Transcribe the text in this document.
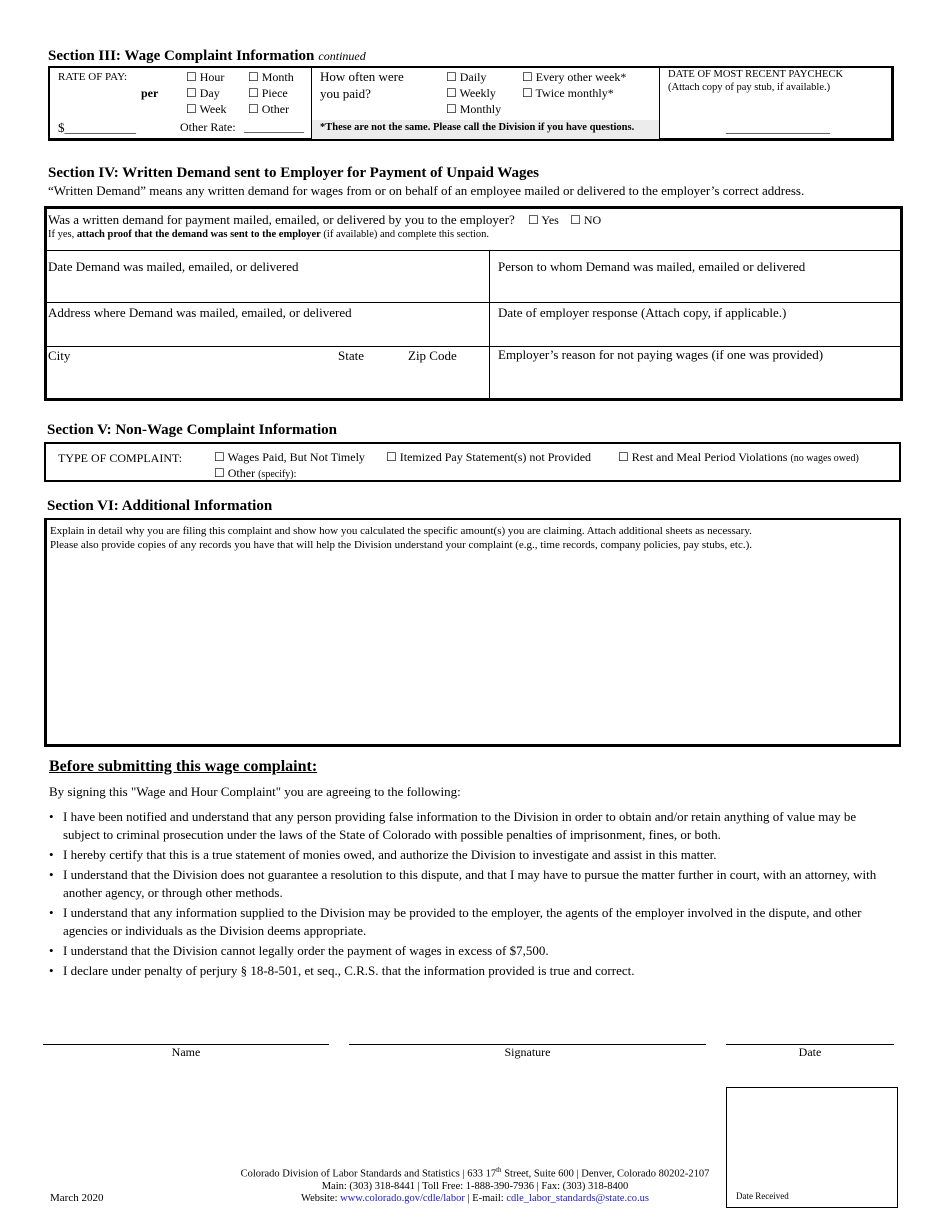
Section III: Wage Complaint Information continued
RATE OF PAY:
per
☐ Hour ☐ Month
☐ Day ☐ Piece
☐ Week ☐ Other
$___________	Other Rate: __________
How often were
you paid?
☐ Daily	☐ Every other week*
☐ Weekly ☐ Twice monthly*
☐ Monthly
*These are not the same. Please call the Division if you have questions.
DATE OF MOST RECENT PAYCHECK
(Attach copy of pay stub, if available.)
________________
Section IV: Written Demand sent to Employer for Payment of Unpaid Wages
“Written Demand” means any written demand for wages from or on behalf of an employee mailed or delivered to the employer’s correct address.
Was a written demand for payment mailed, emailed, or delivered by you to the employer? ☐ Yes ☐ NO
If yes, attach proof that the demand was sent to the employer (if available) and complete this section.
Date Demand was mailed, emailed, or delivered	Person to whom Demand was mailed, emailed or delivered
Address where Demand was mailed, emailed, or delivered	Date of employer response (Attach copy, if applicable.)
City	State	Zip Code	Employer’s reason for not paying wages (if one was provided)
Section V: Non-Wage Complaint Information
TYPE OF COMPLAINT:	☐ Wages Paid, But Not Timely ☐ Itemized Pay Statement(s) not Provided ☐ Rest and Meal Period Violations (no wages owed)
☐ Other (specify):
Section VI: Additional Information
Explain in detail why you are filing this complaint and show how you calculated the specific amount(s) you are claiming. Attach additional sheets as necessary.
Please also provide copies of any records you have that will help the Division understand your complaint (e.g., time records, company policies, pay stubs, etc.).
Before submitting this wage complaint:
By signing this "Wage and Hour Complaint" you are agreeing to the following:
• I have been notified and understand that any person providing false information to the Division in order to obtain and/or retain anything of value may be subject to criminal prosecution under the laws of the State of Colorado with possible penalties of imprisonment, fines, or both.
• I hereby certify that this is a true statement of monies owed, and authorize the Division to investigate and assist in this matter.
• I understand that the Division does not guarantee a resolution to this dispute, and that I may have to pursue the matter further in court, with an attorney, with another agency, or through other methods.
• I understand that any information supplied to the Division may be provided to the employer, the agents of the employer involved in the dispute, and other agencies or individuals as the Division deems appropriate.
• I understand that the Division cannot legally order the payment of wages in excess of $7,500.
• I declare under penalty of perjury § 18-8-501, et seq., C.R.S. that the information provided is true and correct.
Name	Signature	Date
Date Received
Colorado Division of Labor Standards and Statistics | 633 17th Street, Suite 600 | Denver, Colorado 80202-2107
Main: (303) 318-8441 | Toll Free: 1-888-390-7936 | Fax: (303) 318-8400
Website: www.colorado.gov/cdle/labor | E-mail: cdle_labor_standards@state.co.us
March 2020
